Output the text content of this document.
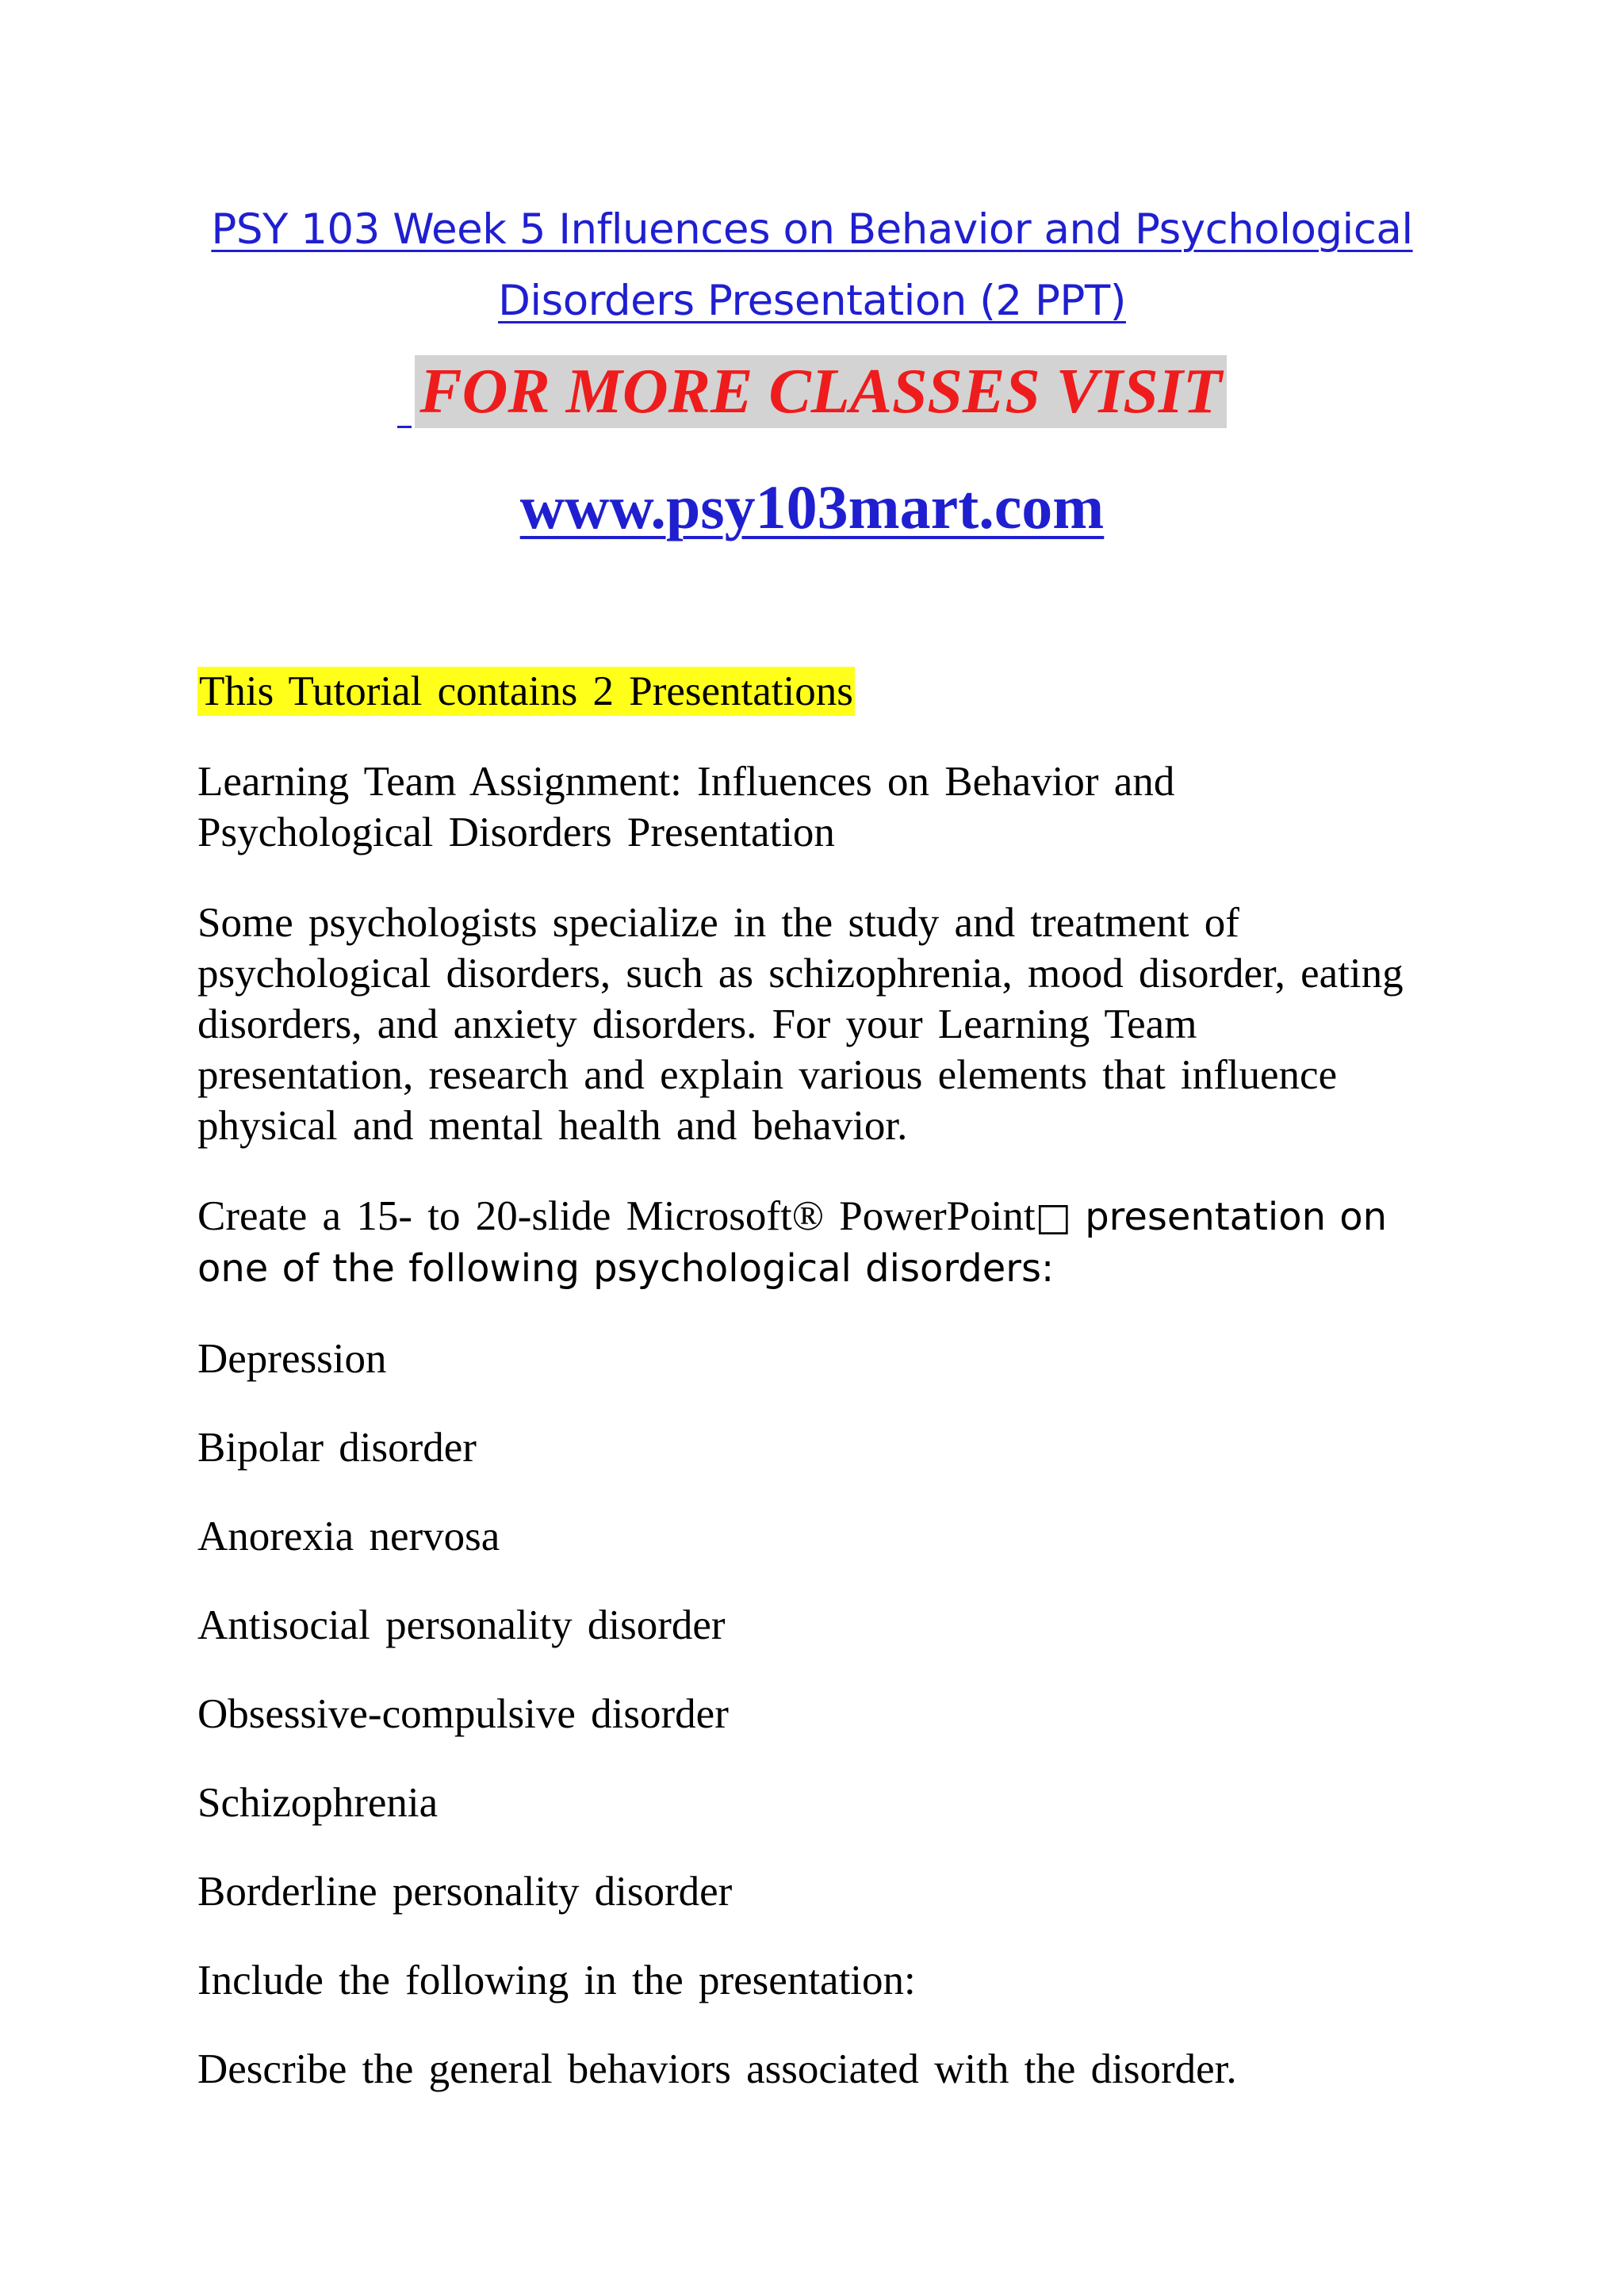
PSY 103 Week 5 Influences on Behavior and Psychological
Disorders Presentation (2 PPT)
FOR MORE CLASSES VISIT
www.psy103mart.com

This Tutorial contains 2 Presentations

Learning Team Assignment: Influences on Behavior and
Psychological Disorders Presentation

Some psychologists specialize in the study and treatment of
psychological disorders, such as schizophrenia, mood disorder, eating
disorders, and anxiety disorders. For your Learning Team
presentation, research and explain various elements that influence
physical and mental health and behavior.

Create a 15- to 20-slide Microsoft® PowerPoint□ presentation on
one of the following psychological disorders:

Depression

Bipolar disorder

Anorexia nervosa

Antisocial personality disorder

Obsessive-compulsive disorder

Schizophrenia

Borderline personality disorder

Include the following in the presentation:

Describe the general behaviors associated with the disorder.
